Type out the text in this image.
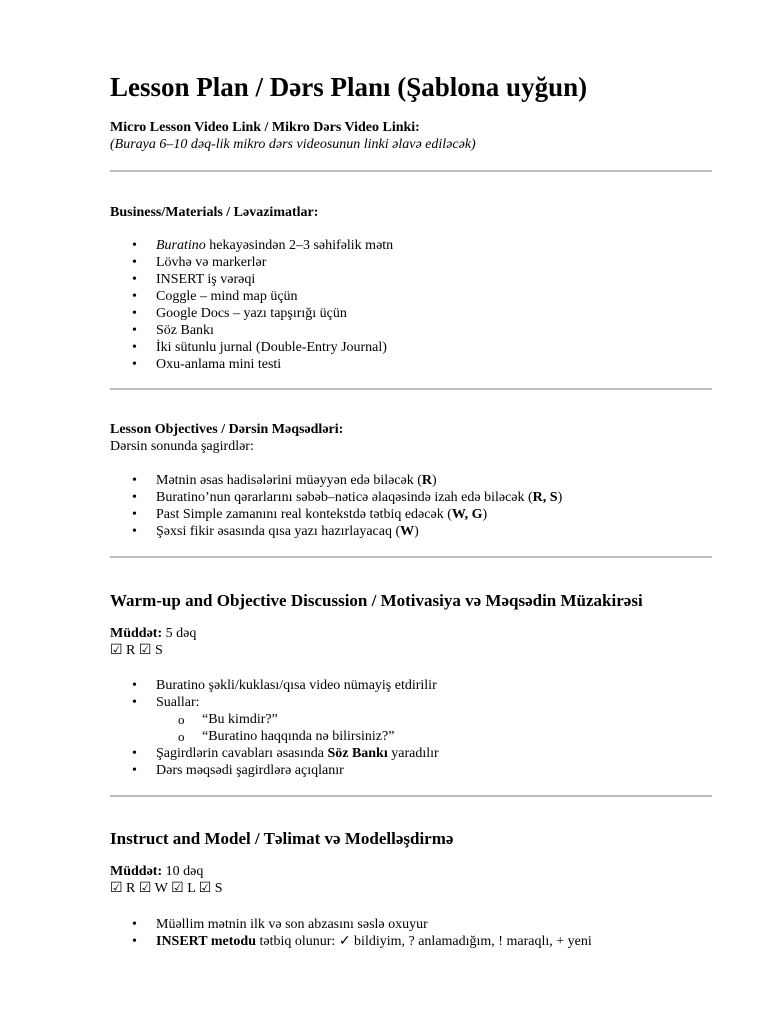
Lesson Plan / Dərs Planı (Şablona uyğun)
Micro Lesson Video Link / Mikro Dərs Video Linki:
(Buraya 6–10 dəq-lik mikro dərs videosunun linki əlavə ediləcək)
Business/Materials / Ləvazimatlar:
• Buratino hekayəsindən 2–3 səhifəlik mətn
• Lövhə və markerlər
• INSERT iş vərəqi
• Coggle – mind map üçün
• Google Docs – yazı tapşırığı üçün
• Söz Bankı
• İki sütunlu jurnal (Double-Entry Journal)
• Oxu-anlama mini testi
Lesson Objectives / Dərsin Məqsədləri:
Dərsin sonunda şagirdlər:
• Mətnin əsas hadisələrini müəyyən edə biləcək (R)
• Buratino’nun qərarlarını səbəb–nəticə əlaqəsində izah edə biləcək (R, S)
• Past Simple zamanını real kontekstdə tətbiq edəcək (W, G)
• Şəxsi fikir əsasında qısa yazı hazırlayacaq (W)
Warm-up and Objective Discussion / Motivasiya və Məqsədin Müzakirəsi
Müddət: 5 dəq
☑ R ☑ S
• Buratino şəkli/kuklası/qısa video nümayiş etdirilir
• Suallar:
o “Bu kimdir?”
o “Buratino haqqında nə bilirsiniz?”
• Şagirdlərin cavabları əsasında Söz Bankı yaradılır
• Dərs məqsədi şagirdlərə açıqlanır
Instruct and Model / Təlimat və Modelləşdirmə
Müddət: 10 dəq
☑ R ☑ W ☑ L ☑ S
• Müəllim mətnin ilk və son abzasını səslə oxuyur
• INSERT metodu tətbiq olunur: ✓ bildiyim, ? anlamadığım, ! maraqlı, + yeni
